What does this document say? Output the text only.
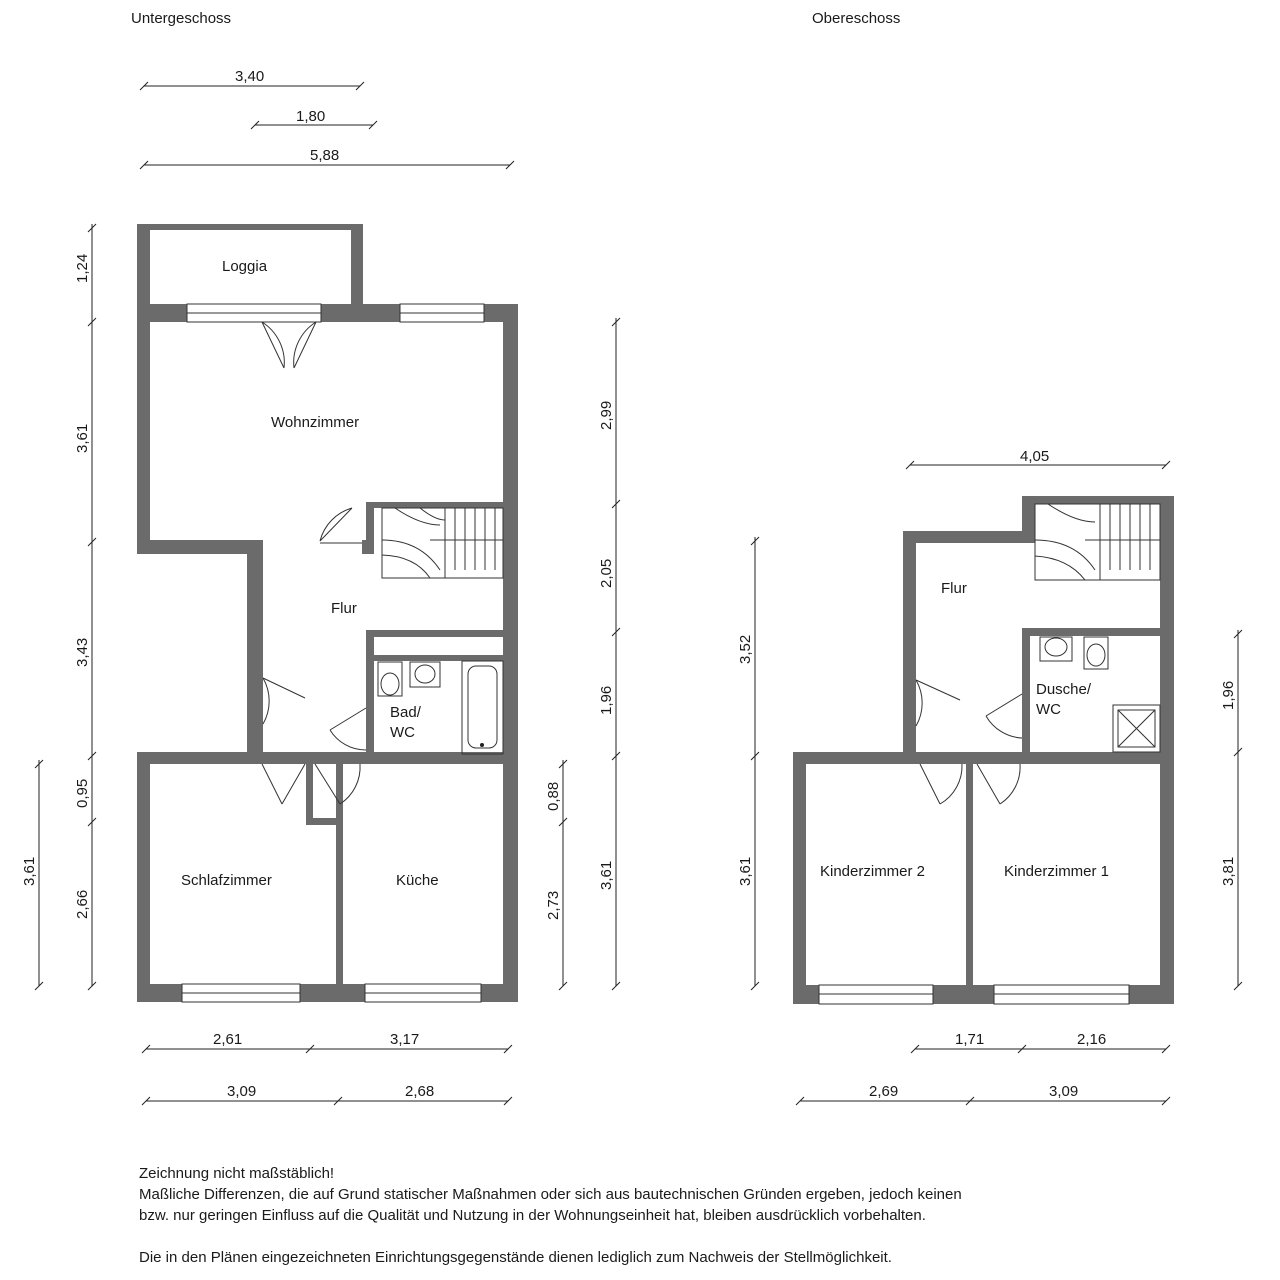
Untergeschoss	Obereschoss
Loggia
Wohnzimmer
Flur
Bad/
WC
Schlafzimmer	Küche
3,40
1,80
5,88
1,24
3,61
3,43
0,95
2,66
3,61
2,99
2,05
1,96
3,61
0,88
2,73
2,61	3,17
3,09	2,68
Flur
Dusche/
WC
Kinderzimmer 2	Kinderzimmer 1
4,05
3,52
3,61
1,96
3,81
1,71	2,16
2,69	3,09

Zeichnung nicht maßstäblich!

Maßliche Differenzen, die auf Grund statischer Maßnahmen oder sich aus bautechnischen Gründen ergeben, jedoch keinen

bzw. nur geringen Einfluss auf die Qualität und Nutzung in der Wohnungseinheit hat, bleiben ausdrücklich vorbehalten.

Die in den Plänen eingezeichneten Einrichtungsgegenstände dienen lediglich zum Nachweis der Stellmöglichkeit.
